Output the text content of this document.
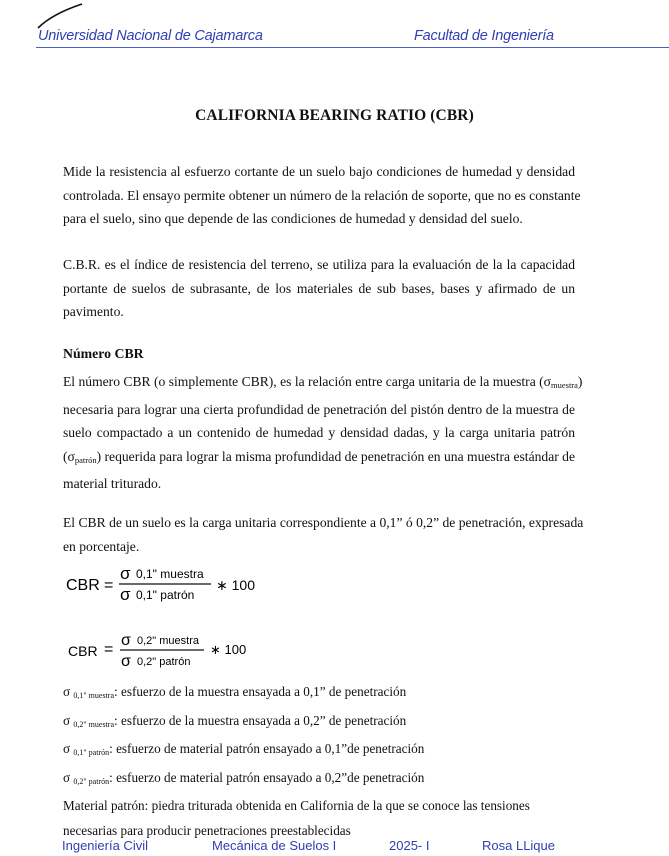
Universidad Nacional de Cajamarca	Facultad de Ingeniería
CALIFORNIA BEARING RATIO (CBR)
Mide la resistencia al esfuerzo cortante de un suelo bajo condiciones de humedad y densidad
controlada. El ensayo permite obtener un número de la relación de soporte, que no es constante
para el suelo, sino que depende de las condiciones de humedad y densidad del suelo.
C.B.R. es el índice de resistencia del terreno, se utiliza para la evaluación de la la capacidad
portante de suelos de subrasante, de los materiales de sub bases, bases y afirmado de un
pavimento.
Número CBR
El número CBR (o simplemente CBR), es la relación entre carga unitaria de la muestra $(\sigma_{muestra})$
necesaria para lograr una cierta profundidad de penetración del pistón dentro de la muestra de
suelo compactado a un contenido de humedad y densidad dadas, y la carga unitaria patrón
$(\sigma_{patrón})$ requerida para lograr la misma profundidad de penetración en una muestra estándar de
material triturado.
El CBR de un suelo es la carga unitaria correspondiente a 0,1” ó 0,2” de penetración, expresada
en porcentaje.
CBR =
σ 0,1" muestra
σ 0,1" patrón
∗ 100
CBR =
σ 0,2" muestra
σ 0,2" patrón
∗ 100
σ $_{0,1" muestra}$: esfuerzo de la muestra ensayada a 0,1” de penetración
σ $_{0,2" muestra}$: esfuerzo de la muestra ensayada a 0,2” de penetración
σ $_{0,1" patrón}$: esfuerzo de material patrón ensayado a 0,1”de penetración
σ $_{0,2" patrón}$: esfuerzo de material patrón ensayado a 0,2”de penetración
Material patrón: piedra triturada obtenida en California de la que se conoce las tensiones
necesarias para producir penetraciones preestablecidas
Ingeniería Civil	Mecánica de Suelos I	2025- I	Rosa LLique
